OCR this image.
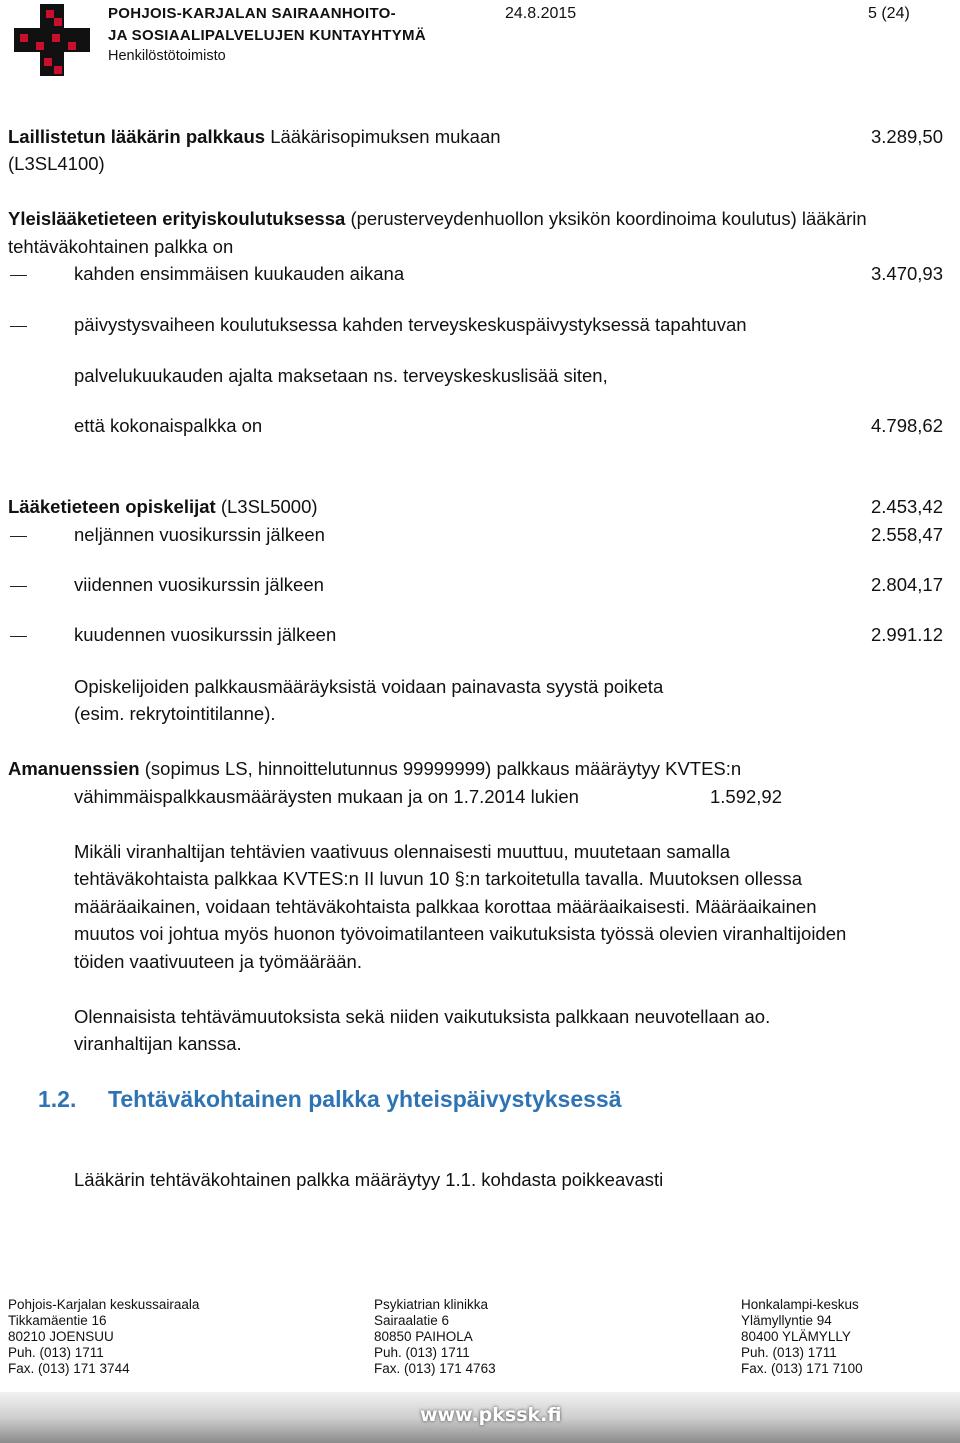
POHJOIS-KARJALAN SAIRAANHOITO-
JA SOSIAALIPALVELUJEN KUNTAYHTYMÄ
Henkilöstötoimisto
24.8.2015	5 (24)
Laillistetun lääkärin palkkaus Lääkärisopimuksen mukaan	3.289,50
(L3SL4100)
Yleislääketieteen erityiskoulutuksessa (perusterveydenhuollon yksikön koordinoima koulutus) lääkärin
tehtäväkohtainen palkka on
kahden ensimmäisen kuukauden aikana	3.470,93
päivystysvaiheen koulutuksessa kahden terveyskeskuspäivystyksessä tapahtuvan
palvelukuukauden ajalta maksetaan ns. terveyskeskuslisää siten,
että kokonaispalkka on	4.798,62
Lääketieteen opiskelijat (L3SL5000)	2.453,42
neljännen vuosikurssin jälkeen	2.558,47
viidennen vuosikurssin jälkeen	2.804,17
kuudennen vuosikurssin jälkeen	2.991.12
Opiskelijoiden palkkausmääräyksistä voidaan painavasta syystä poiketa
(esim. rekrytointitilanne).
Amanuenssien (sopimus LS, hinnoittelutunnus 99999999) palkkaus määräytyy KVTES:n
vähimmäispalkkausmääräysten mukaan ja on 1.7.2014 lukien	1.592,92
Mikäli viranhaltijan tehtävien vaativuus olennaisesti muuttuu, muutetaan samalla
tehtäväkohtaista palkkaa KVTES:n II luvun 10 §:n tarkoitetulla tavalla. Muutoksen ollessa
määräaikainen, voidaan tehtäväkohtaista palkkaa korottaa määräaikaisesti. Määräaikainen
muutos voi johtua myös huonon työvoimatilanteen vaikutuksista työssä olevien viranhaltijoiden
töiden vaativuuteen ja työmäärään.
Olennaisista tehtävämuutoksista sekä niiden vaikutuksista palkkaan neuvotellaan ao.
viranhaltijan kanssa.
1.2. Tehtäväkohtainen palkka yhteispäivystyksessä
Lääkärin tehtäväkohtainen palkka määräytyy 1.1. kohdasta poikkeavasti
Pohjois-Karjalan keskussairaala
Tikkamäentie 16
80210 JOENSUU
Puh. (013) 1711
Fax. (013) 171 3744
Psykiatrian klinikka
Sairaalatie 6
80850 PAIHOLA
Puh. (013) 1711
Fax. (013) 171 4763
Honkalampi-keskus
Ylämyllyntie 94
80400 YLÄMYLLY
Puh. (013) 1711
Fax. (013) 171 7100
www.pkssk.fi
